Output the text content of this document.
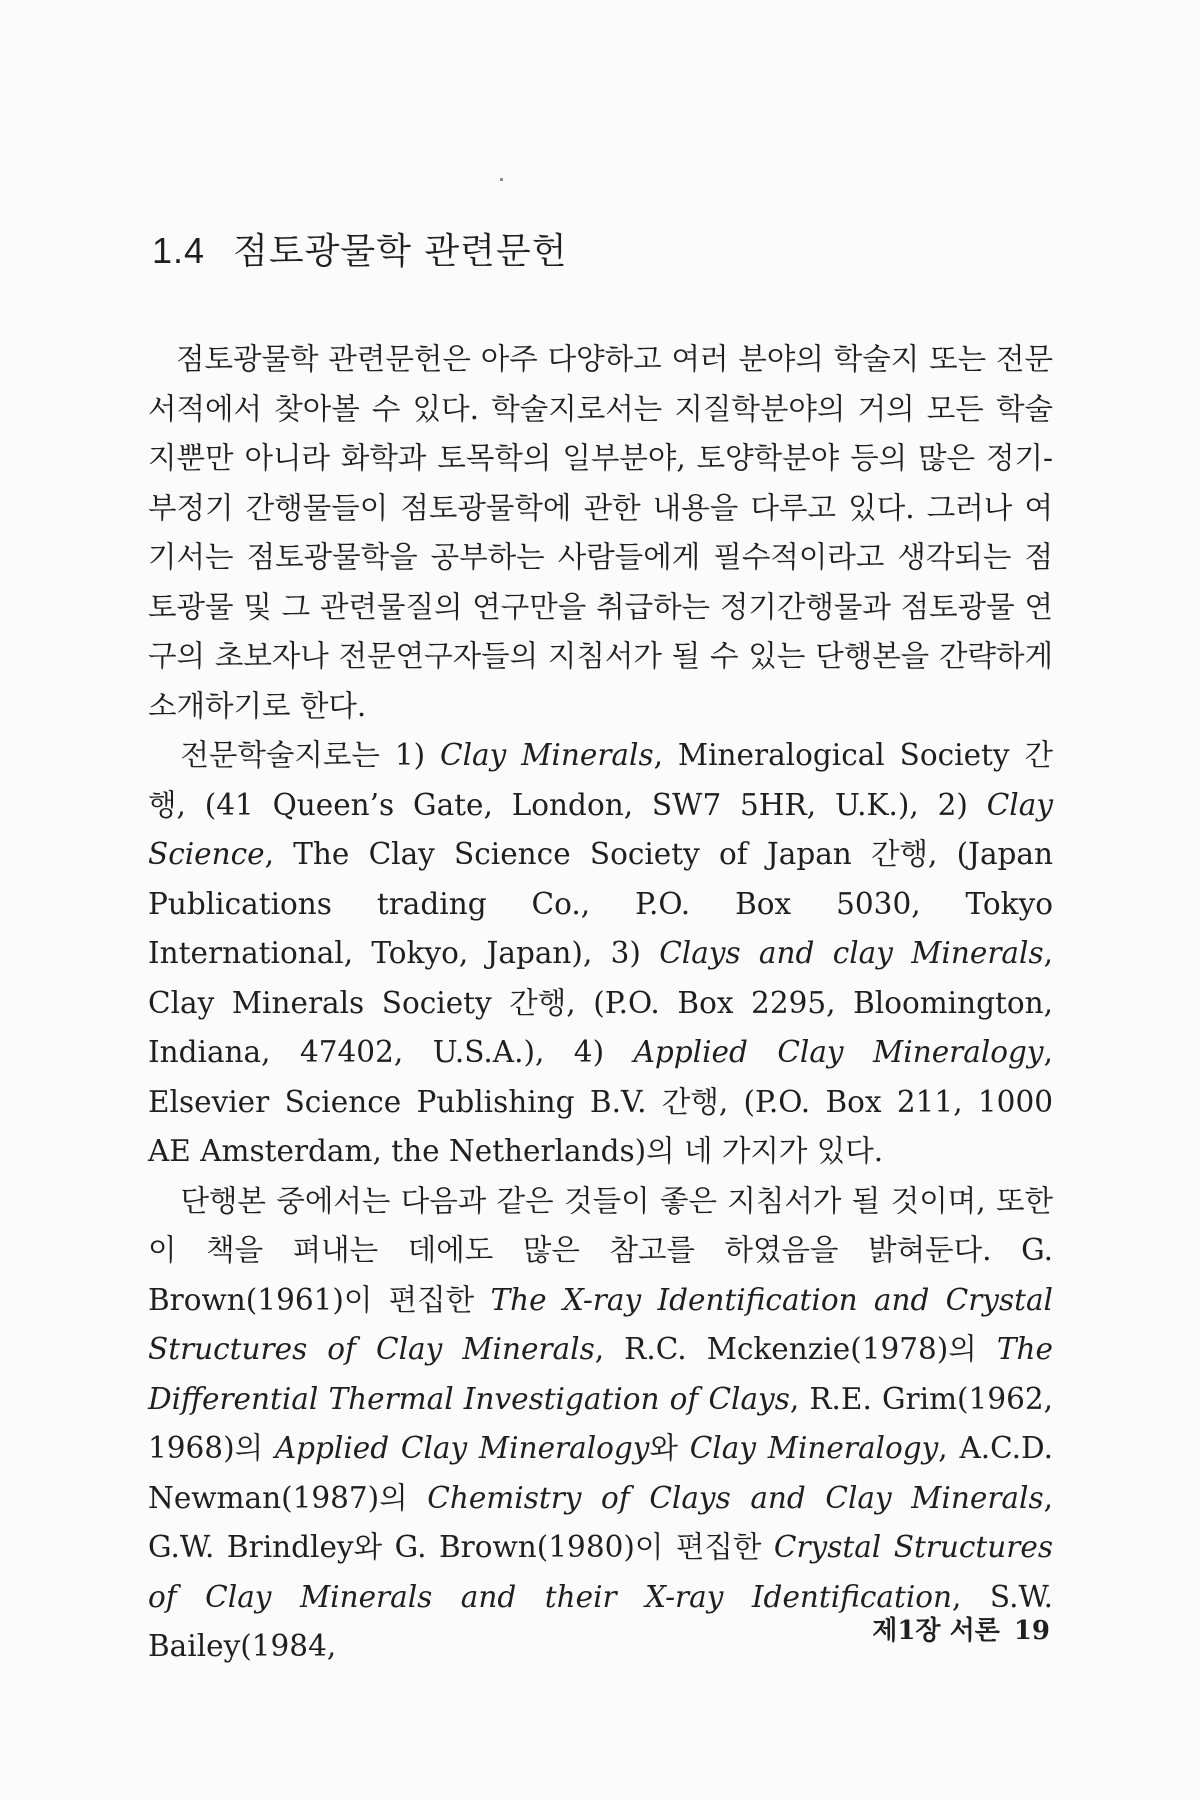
1.4 점토광물학 관련문헌

점토광물학 관련문헌은 아주 다양하고 여러 분야의 학술지 또는 전문서적에서 찾아볼 수 있다. 학술지로서는 지질학분야의 거의 모든 학술지뿐만 아니라 화학과 토목학의 일부분야, 토양학분야 등의 많은 정기-부정기 간행물들이 점토광물학에 관한 내용을 다루고 있다. 그러나 여기서는 점토광물학을 공부하는 사람들에게 필수적이라고 생각되는 점토광물 및 그 관련물질의 연구만을 취급하는 정기간행물과 점토광물 연구의 초보자나 전문연구자들의 지침서가 될 수 있는 단행본을 간략하게 소개하기로 한다.

전문학술지로는 1) Clay Minerals, Mineralogical Society 간행, (41 Queen’s Gate, London, SW7 5HR, U.K.), 2) Clay Science, The Clay Science Society of Japan 간행, (Japan Publications trading Co., P.O. Box 5030, Tokyo International, Tokyo, Japan), 3) Clays and clay Minerals, Clay Minerals Society 간행, (P.O. Box 2295, Bloomington, Indiana, 47402, U.S.A.), 4) Applied Clay Mineralogy, Elsevier Science Publishing B.V. 간행, (P.O. Box 211, 1000 AE Amsterdam, the Netherlands)의 네 가지가 있다.

단행본 중에서는 다음과 같은 것들이 좋은 지침서가 될 것이며, 또한 이 책을 펴내는 데에도 많은 참고를 하였음을 밝혀둔다. G. Brown(1961)이 편집한 The X-ray Identification and Crystal Structures of Clay Minerals, R.C. Mckenzie(1978)의 The Differential Thermal Investigation of Clays, R.E. Grim(1962, 1968)의 Applied Clay Mineralogy와 Clay Mineralogy, A.C.D. Newman(1987)의 Chemistry of Clays and Clay Minerals, G.W. Brindley와 G. Brown(1980)이 편집한 Crystal Structures of Clay Minerals and their X-ray Identification, S.W. Bailey(1984,	제1장 서론 19
